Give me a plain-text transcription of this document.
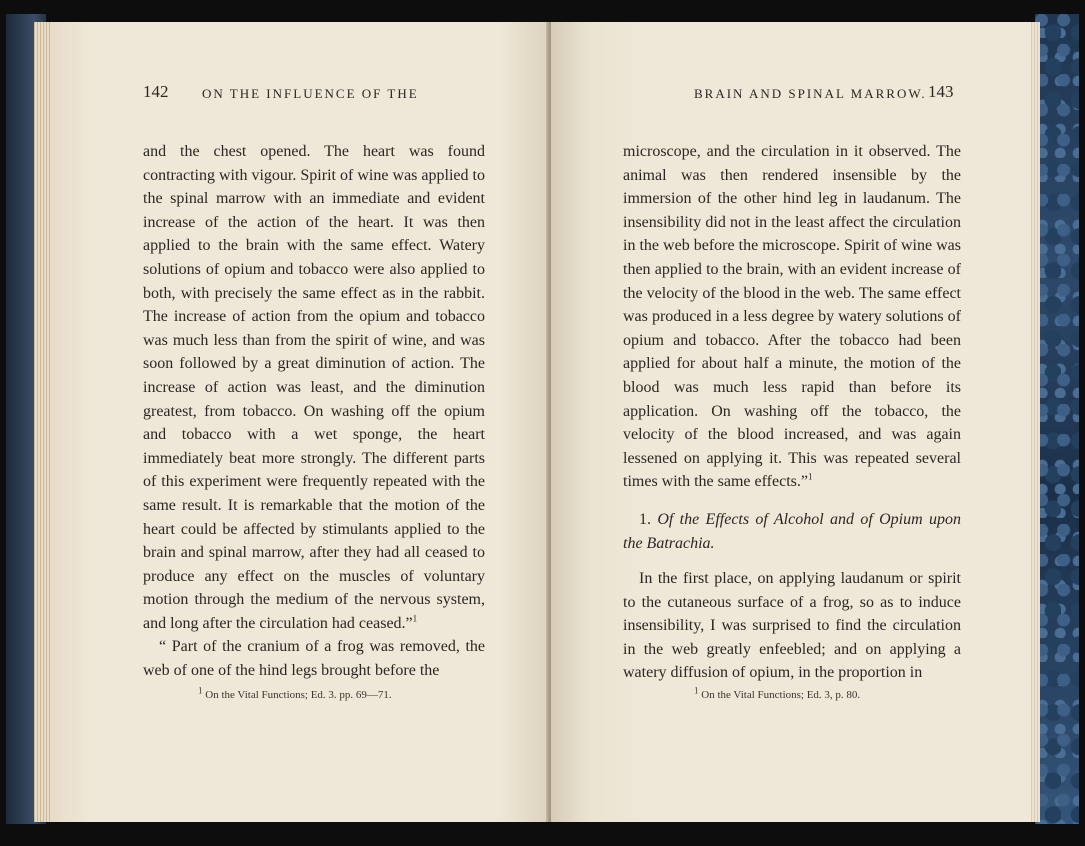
142	ON THE INFLUENCE OF THE

and the chest opened. The heart was found contracting with vigour. Spirit of wine was applied to the spinal marrow with an immediate and evident increase of the action of the heart. It was then applied to the brain with the same effect. Watery solutions of opium and tobacco were also applied to both, with precisely the same effect as in the rabbit. The increase of action from the opium and tobacco was much less than from the spirit of wine, and was soon followed by a great diminution of action. The increase of action was least, and the diminution greatest, from tobacco. On washing off the opium and tobacco with a wet sponge, the heart immediately beat more strongly. The different parts of this experiment were frequently repeated with the same result. It is remarkable that the motion of the heart could be affected by stimulants applied to the brain and spinal marrow, after they had all ceased to produce any effect on the muscles of voluntary motion through the medium of the nervous system, and long after the circulation had ceased.”$^1$

“ Part of the cranium of a frog was removed, the web of one of the hind legs brought before the

$^1$ On the Vital Functions; Ed. 3. pp. 69—71.
BRAIN AND SPINAL MARROW. 143

microscope, and the circulation in it observed. The animal was then rendered insensible by the immersion of the other hind leg in laudanum. The insensibility did not in the least affect the circulation in the web before the microscope. Spirit of wine was then applied to the brain, with an evident increase of the velocity of the blood in the web. The same effect was produced in a less degree by watery solutions of opium and tobacco. After the tobacco had been applied for about half a minute, the motion of the blood was much less rapid than before its application. On washing off the tobacco, the velocity of the blood increased, and was again lessened on applying it. This was repeated several times with the same effects.”$^1$

1. Of the Effects of Alcohol and of Opium upon the Batrachia.

In the first place, on applying laudanum or spirit to the cutaneous surface of a frog, so as to induce insensibility, I was surprised to find the circulation in the web greatly enfeebled; and on applying a watery diffusion of opium, in the proportion in

$^1$ On the Vital Functions; Ed. 3, p. 80.
